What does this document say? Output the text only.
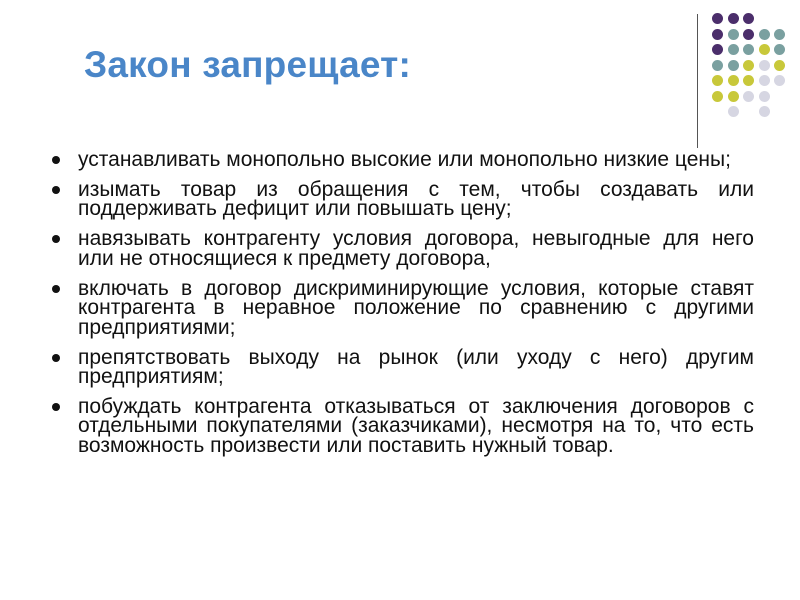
Закон запрещает:
устанавливать монопольно высокие или монопольно низкие цены;
изымать товар из обращения с тем, чтобы создавать или поддерживать дефицит или повышать цену;
навязывать контрагенту условия договора, невыгодные для него или не относящиеся к предмету договора,
включать в договор дискриминирующие условия, которые ставят контрагента в неравное положение по сравнению с другими предприятиями;
препятствовать выходу на рынок (или уходу с него) другим предприятиям;
побуждать контрагента отказываться от заключения договоров с отдельными покупателями (заказчиками), несмотря на то, что есть возможность произвести или поставить нужный товар.
